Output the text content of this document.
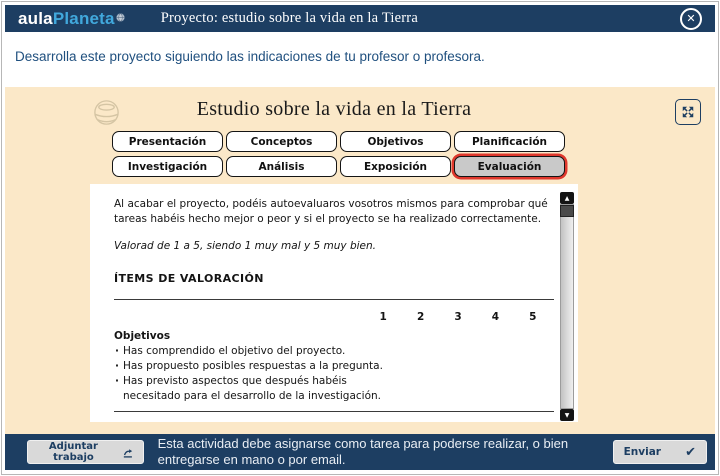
aula Planeta	Proyecto: estudio sobre la vida en la Tierra	✕
Desarrolla este proyecto siguiendo las indicaciones de tu profesor o profesora.
Estudio sobre la vida en la Tierra
Presentación	Conceptos	Objetivos	Planificación
Investigación	Análisis	Exposición	Evaluación

Al acabar el proyecto, podéis autoevaluaros vosotros mismos para comprobar qué tareas habéis hecho mejor o peor y si el proyecto se ha realizado correctamente.

Valorad de 1 a 5, siendo 1 muy mal y 5 muy bien.

ÍTEMS DE VALORACIÓN

1	2	3	4	5

Objetivos

· Has comprendido el objetivo del proyecto.
· Has propuesto posibles respuestas a la pregunta.
· Has previsto aspectos que después habéis necesitado para el desarrollo de la investigación.
▲
▼
Adjuntar trabajo
Esta actividad debe asignarse como tarea para poderse realizar, o bien entregarse en mano o por email.	Enviar ✔
